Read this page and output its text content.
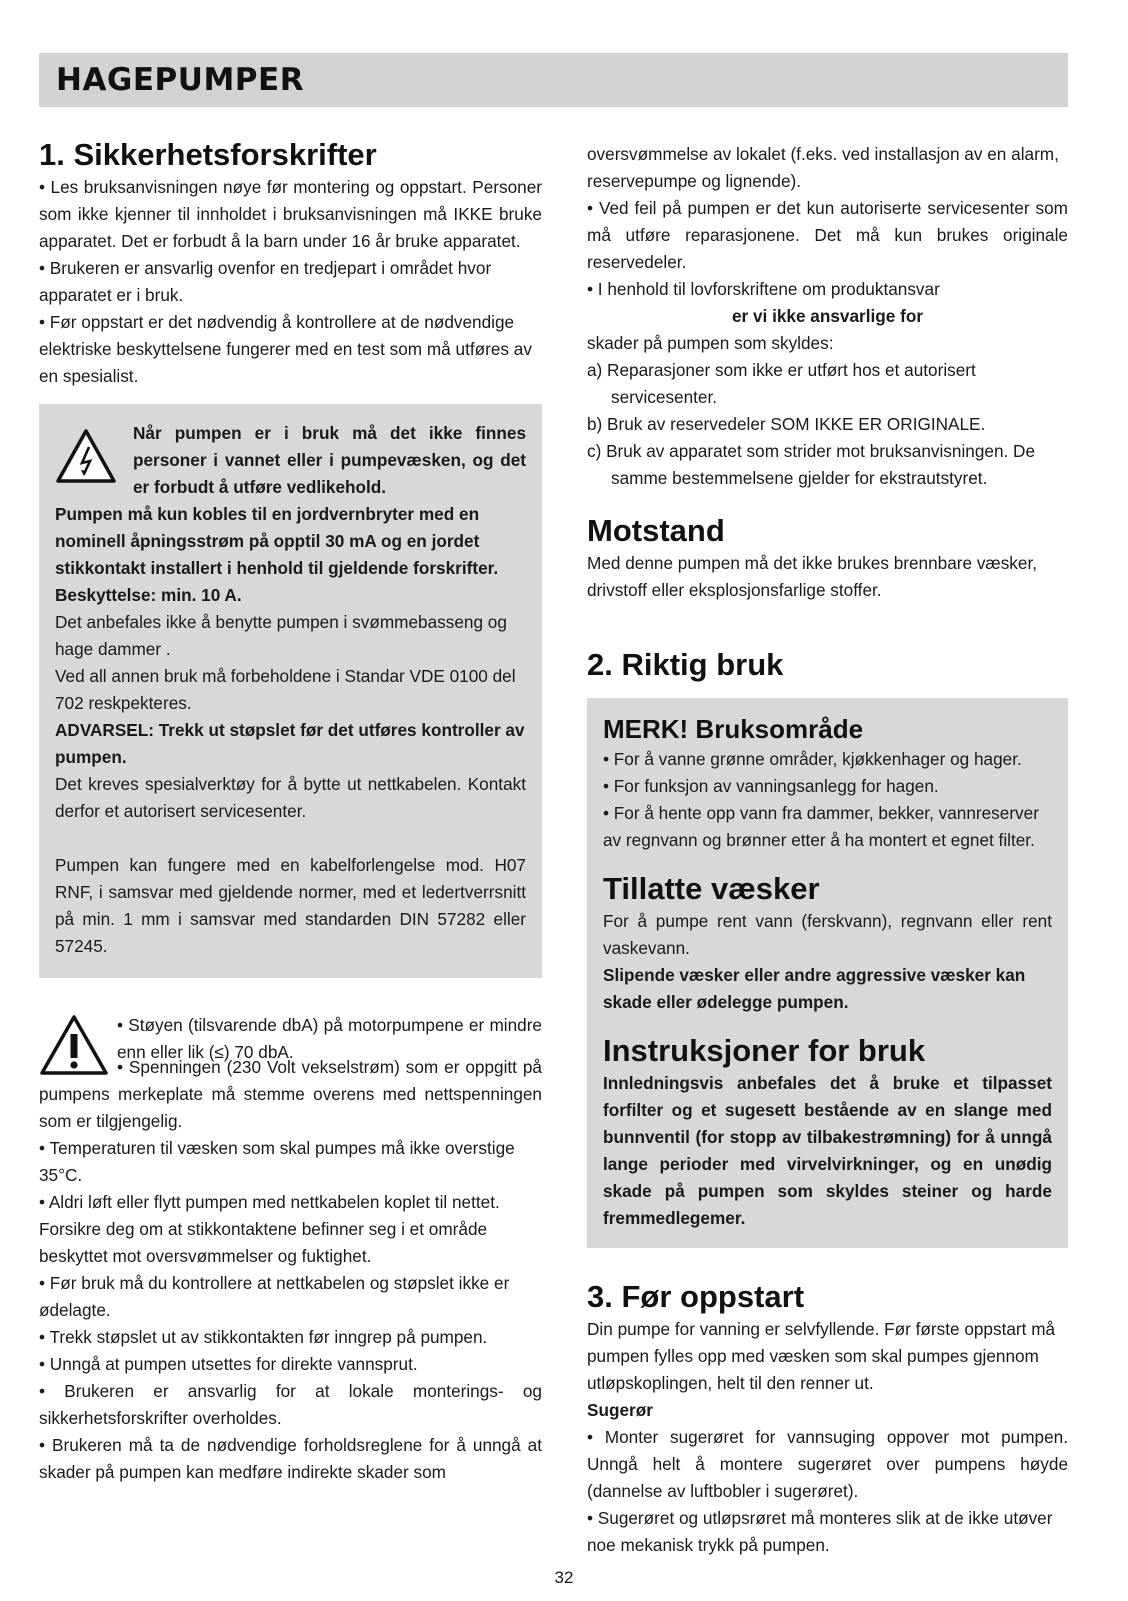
HAGEPUMPER
1. Sikkerhetsforskrifter

• Les bruksanvisningen nøye før montering og oppstart. Personer som ikke kjenner til innholdet i bruksanvisningen må IKKE bruke apparatet. Det er forbudt å la barn under 16 år bruke apparatet.

• Brukeren er ansvarlig ovenfor en tredjepart i området hvor apparatet er i bruk.

• Før oppstart er det nødvendig å kontrollere at de nødvendige elektriske beskyttelsene fungerer med en test som må utføres av en spesialist.

Når pumpen er i bruk må det ikke finnes personer i vannet eller i pumpevæsken, og det er forbudt å utføre vedlikehold.

Pumpen må kun kobles til en jordvernbryter med en nominell åpningsstrøm på opptil 30 mA og en jordet stikkontakt installert i henhold til gjeldende forskrifter. Beskyttelse: min. 10 A.

Det anbefales ikke å benytte pumpen i svømmebasseng og hage dammer .

Ved all annen bruk må forbeholdene i Standar VDE 0100 del 702 reskpekteres.

ADVARSEL: Trekk ut støpslet før det utføres kontroller av pumpen.

Det kreves spesialverktøy for å bytte ut nettkabelen. Kontakt derfor et autorisert servicesenter.

Pumpen kan fungere med en kabelforlengelse mod. H07 RNF, i samsvar med gjeldende normer, med et ledertverrsnitt på min. 1 mm i samsvar med standarden DIN 57282 eller 57245.

• Støyen (tilsvarende dbA) på motorpumpene er mindre enn eller lik (≤) 70 dbA.

• Spenningen (230 Volt vekselstrøm) som er oppgitt på pumpens merkeplate må stemme overens med nettspenningen som er tilgjengelig.

• Temperaturen til væsken som skal pumpes må ikke overstige 35°C.

• Aldri løft eller flytt pumpen med nettkabelen koplet til nettet. Forsikre deg om at stikkontaktene befinner seg i et område beskyttet mot oversvømmelser og fuktighet.

• Før bruk må du kontrollere at nettkabelen og støpslet ikke er ødelagte.

• Trekk støpslet ut av stikkontakten før inngrep på pumpen.

• Unngå at pumpen utsettes for direkte vannsprut.

• Brukeren er ansvarlig for at lokale monterings- og sikkerhetsforskrifter overholdes.

• Brukeren må ta de nødvendige forholdsreglene for å unngå at skader på pumpen kan medføre indirekte skader som

oversvømmelse av lokalet (f.eks. ved installasjon av en alarm, reservepumpe og lignende).

• Ved feil på pumpen er det kun autoriserte servicesenter som må utføre reparasjonene. Det må kun brukes originale reservedeler.

• I henhold til lovforskriftene om produktansvar

er vi ikke ansvarlige for

skader på pumpen som skyldes:

a) Reparasjoner som ikke er utført hos et autorisert servicesenter.

b) Bruk av reservedeler SOM IKKE ER ORIGINALE.

c) Bruk av apparatet som strider mot bruksanvisningen. De samme bestemmelsene gjelder for ekstrautstyret.

Motstand

Med denne pumpen må det ikke brukes brennbare væsker, drivstoff eller eksplosjonsfarlige stoffer.

2. Riktig bruk
MERK! Bruksområde

• For å vanne grønne områder, kjøkkenhager og hager.

• For funksjon av vanningsanlegg for hagen.

• For å hente opp vann fra dammer, bekker, vannreserver av regnvann og brønner etter å ha montert et egnet filter.

Tillatte væsker

For å pumpe rent vann (ferskvann), regnvann eller rent vaskevann.

Slipende væsker eller andre aggressive væsker kan skade eller ødelegge pumpen.

Instruksjoner for bruk

Innledningsvis anbefales det å bruke et tilpasset forfilter og et sugesett bestående av en slange med bunnventil (for stopp av tilbakestrømning) for å unngå lange perioder med virvelvirkninger, og en unødig skade på pumpen som skyldes steiner og harde fremmedlegemer.

3. Før oppstart

Din pumpe for vanning er selvfyllende. Før første oppstart må pumpen fylles opp med væsken som skal pumpes gjennom utløpskoplingen, helt til den renner ut.

Sugerør

• Monter sugerøret for vannsuging oppover mot pumpen. Unngå helt å montere sugerøret over pumpens høyde (dannelse av luftbobler i sugerøret).

• Sugerøret og utløpsrøret må monteres slik at de ikke utøver noe mekanisk trykk på pumpen.

32
